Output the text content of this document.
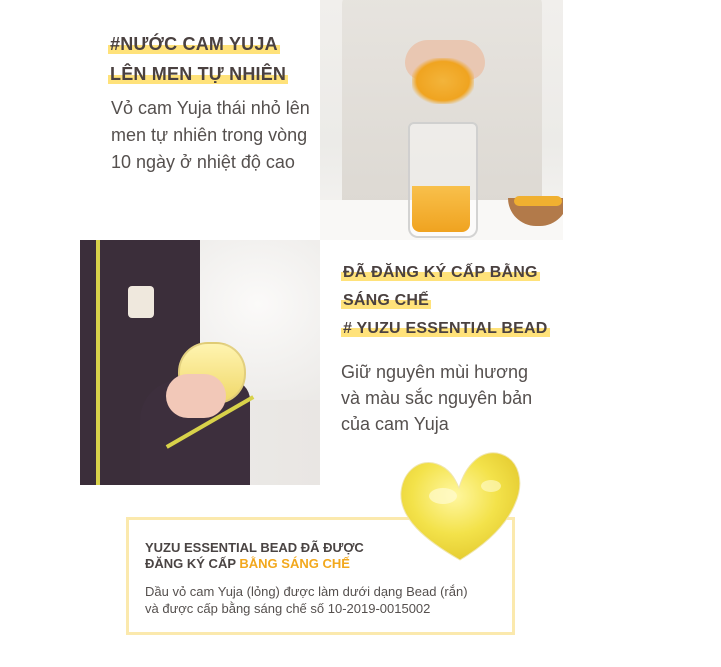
#NƯỚC CAM YUJA
LÊN MEN TỰ NHIÊN
Vỏ cam Yuja thái nhỏ lên
men tự nhiên trong vòng
10 ngày ở nhiệt độ cao
ĐÃ ĐĂNG KÝ CẤP BẰNG
SÁNG CHẾ
# YUZU ESSENTIAL BEAD
Giữ nguyên mùi hương
và màu sắc nguyên bản
của cam Yuja
YUZU ESSENTIAL BEAD ĐÃ ĐƯỢC
ĐĂNG KÝ CẤP BẰNG SÁNG CHẾ
Dầu vỏ cam Yuja (lỏng) được làm dưới dạng Bead (rắn)
và được cấp bằng sáng chế số 10-2019-0015002
